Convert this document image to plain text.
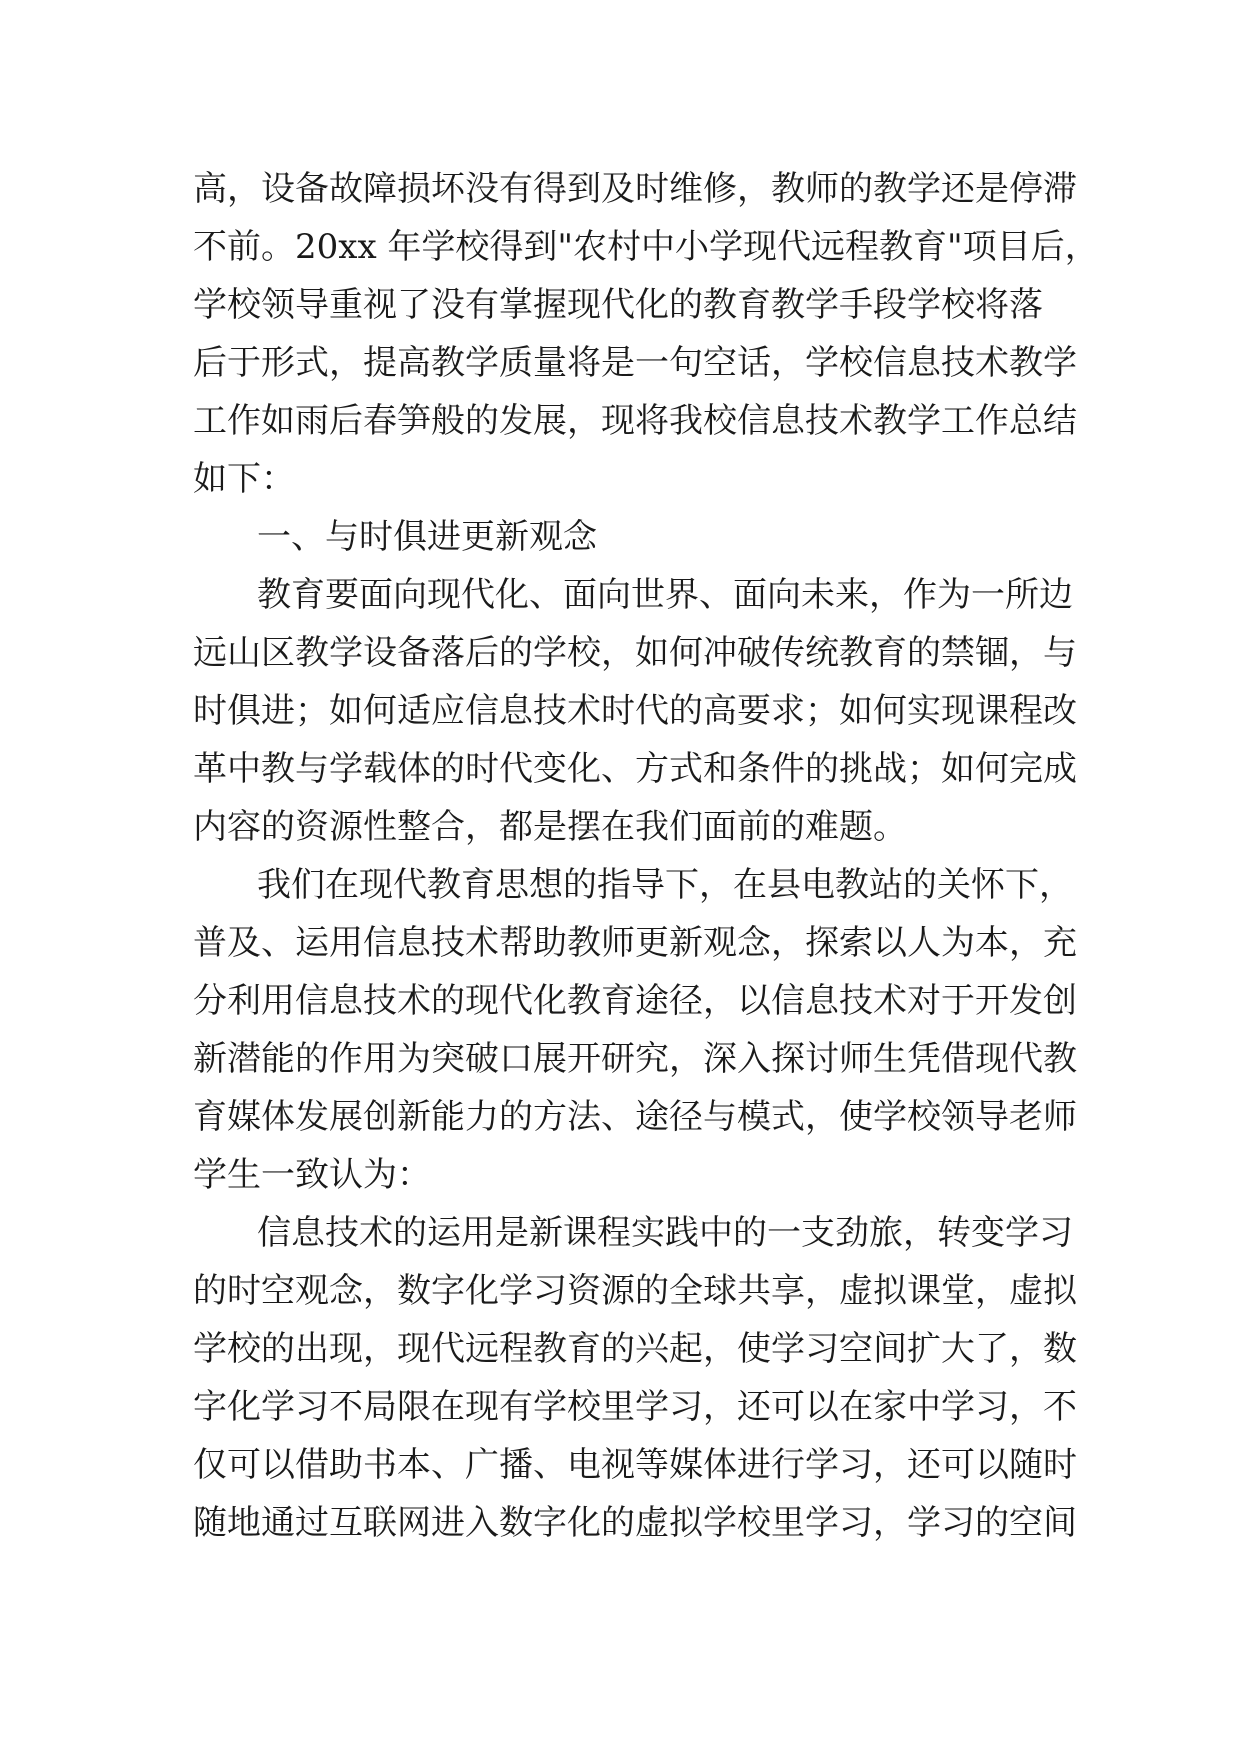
高，设备故障损坏没有得到及时维修，教师的教学还是停滞
不前。20xx 年学校得到"农村中小学现代远程教育"项目后，
学校领导重视了没有掌握现代化的教育教学手段学校将落
后于形式，提高教学质量将是一句空话，学校信息技术教学
工作如雨后春笋般的发展，现将我校信息技术教学工作总结
如下：
一、与时俱进更新观念
教育要面向现代化、面向世界、面向未来，作为一所边
远山区教学设备落后的学校，如何冲破传统教育的禁锢，与
时俱进；如何适应信息技术时代的高要求；如何实现课程改
革中教与学载体的时代变化、方式和条件的挑战；如何完成
内容的资源性整合，都是摆在我们面前的难题。
我们在现代教育思想的指导下，在县电教站的关怀下，
普及、运用信息技术帮助教师更新观念，探索以人为本，充
分利用信息技术的现代化教育途径，以信息技术对于开发创
新潜能的作用为突破口展开研究，深入探讨师生凭借现代教
育媒体发展创新能力的方法、途径与模式，使学校领导老师
学生一致认为：
信息技术的运用是新课程实践中的一支劲旅，转变学习
的时空观念，数字化学习资源的全球共享，虚拟课堂，虚拟
学校的出现，现代远程教育的兴起，使学习空间扩大了，数
字化学习不局限在现有学校里学习，还可以在家中学习，不
仅可以借助书本、广播、电视等媒体进行学习，还可以随时
随地通过互联网进入数字化的虚拟学校里学习，学习的空间
